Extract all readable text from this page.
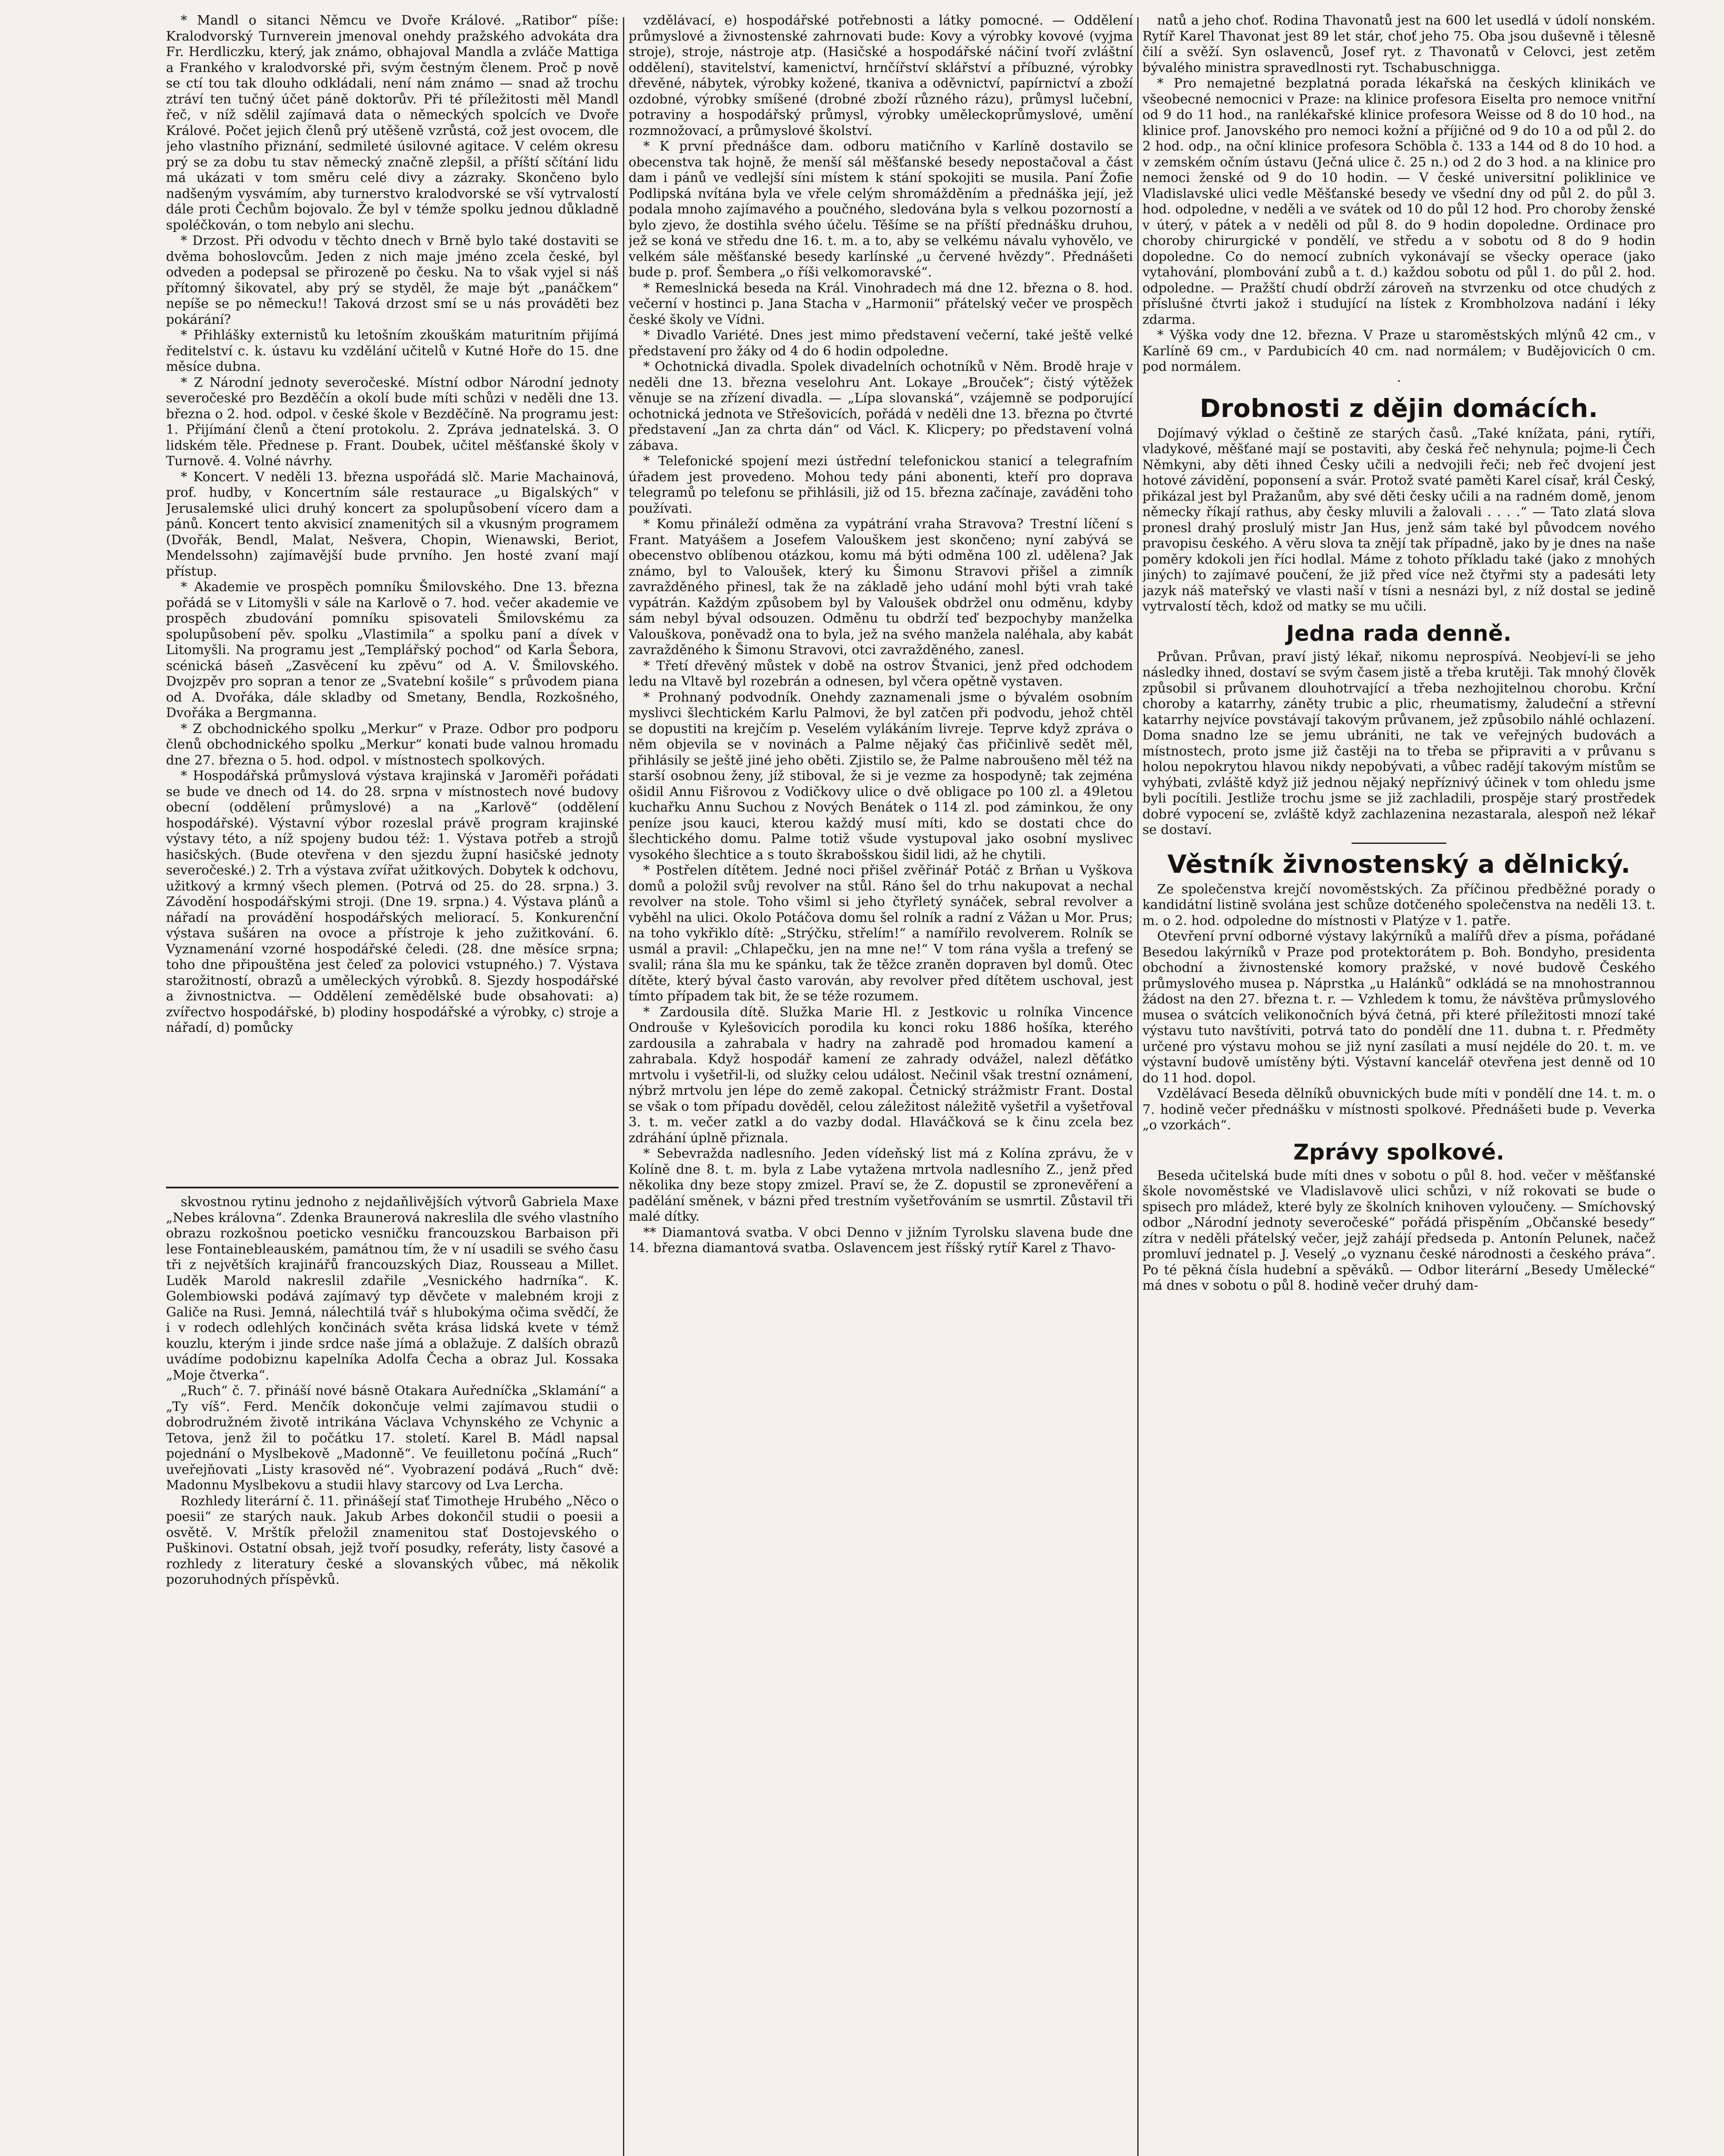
* Mandl o sitanci Němcu ve Dvoře Králové. „Ratibor“ píše: Kralodvorský Turnverein jmenoval onehdy pražského advokáta dra Fr. Herdliczku, který, jak známo, obhajoval Mandla a zvláče Mattiga a Frankého v kralodvorské při, svým čestným členem. Proč p nově se ctí tou tak dlouho odkládali, není nám známo — snad až trochu ztráví ten tučný účet páně doktorův. Při té příležitosti měl Mandl řeč, v níž sdělil zajímavá data o německých spolcích ve Dvoře Králové. Počet jejich členů prý utěšeně vzrůstá, což jest ovocem, dle jeho vlastního přiznání, sedmileté úsilovné agitace. V celém okresu prý se za dobu tu stav německý značně zlepšil, a příští sčítání lidu má ukázati v tom směru celé divy a zázraky. Skončeno bylo nadšeným vysvámím, aby turnerstvo kralodvorské se vší vytrvalostí dále proti Čechům bojovalo. Že byl v témže spolku jednou důkladně spoléčkován, o tom nebylo ani slechu.

* Drzost. Při odvodu v těchto dnech v Brně bylo také dostaviti se dvěma bohoslovcům. Jeden z nich maje jméno zcela české, byl odveden a podepsal se přirozeně po česku. Na to však vyjel si náš přítomný šikovatel, aby prý se styděl, že maje být „panáčkem“ nepíše se po německu!! Taková drzost smí se u nás prováděti bez pokárání?

* Přihlášky externistů ku letošním zkouškám maturitním přijímá ředitelství c. k. ústavu ku vzdělání učitelů v Kutné Hoře do 15. dne měsíce dubna.

* Z Národní jednoty severočeské. Místní odbor Národní jednoty severočeské pro Bezděčín a okolí bude míti schůzi v neděli dne 13. března o 2. hod. odpol. v české škole v Bezděčíně. Na programu jest: 1. Přijímání členů a čtení protokolu. 2. Zpráva jednatelská. 3. O lidském těle. Přednese p. Frant. Doubek, učitel měšťanské školy v Turnově. 4. Volné návrhy.

* Koncert. V neděli 13. března uspořádá slč. Marie Machainová, prof. hudby, v Koncertním sále restaurace „u Bigalských“ v Jerusalemské ulici druhý koncert za spolupůsobení vícero dam a pánů. Koncert tento akvisicí znamenitých sil a vkusným programem (Dvořák, Bendl, Malat, Nešvera, Chopin, Wienawski, Beriot, Mendelssohn) zajímavější bude prvního. Jen hosté zvaní mají přístup.

* Akademie ve prospěch pomníku Šmilovského. Dne 13. března pořádá se v Litomyšli v sále na Karlově o 7. hod. večer akademie ve prospěch zbudování pomníku spisovateli Šmilovskému za spolupůsobení pěv. spolku „Vlastimila“ a spolku paní a dívek v Litomyšli. Na programu jest „Templářský pochod“ od Karla Šebora, scénická báseň „Zasvěcení ku zpěvu“ od A. V. Šmilovského. Dvojzpěv pro sopran a tenor ze „Svatební košile“ s průvodem piana od A. Dvořáka, dále skladby od Smetany, Bendla, Rozkošného, Dvořáka a Bergmanna.

* Z obchodnického spolku „Merkur“ v Praze. Odbor pro podporu členů obchodnického spolku „Merkur“ konati bude valnou hromadu dne 27. března o 5. hod. odpol. v místnostech spolkových.

* Hospodářská průmyslová výstava krajinská v Jaroměři pořádati se bude ve dnech od 14. do 28. srpna v místnostech nové budovy obecní (oddělení průmyslové) a na „Karlově“ (oddělení hospodářské). Výstavní výbor rozeslal právě program krajinské výstavy této, a níž spojeny budou též: 1. Výstava potřeb a strojů hasičských. (Bude otevřena v den sjezdu župní hasičské jednoty severočeské.) 2. Trh a výstava zvířat užitkových. Dobytek k odchovu, užitkový a krmný všech plemen. (Potrvá od 25. do 28. srpna.) 3. Závodění hospodářskými stroji. (Dne 19. srpna.) 4. Výstava plánů a nářadí na provádění hospodářských meliorací. 5. Konkurenční výstava sušáren na ovoce a přístroje k jeho zužitkování. 6. Vyznamenání vzorné hospodářské čeledi. (28. dne měsíce srpna; toho dne připouštěna jest čeleď za polovici vstupného.) 7. Výstava starožitností, obrazů a uměleckých výrobků. 8. Sjezdy hospodářské a živnostnictva. — Oddělení zemědělské bude obsahovati: a) zvířectvo hospodářské, b) plodiny hospodářské a výrobky, c) stroje a nářadí, d) pomůcky

skvostnou rytinu jednoho z nejdaňlivějších výtvorů Gabriela Maxe „Nebes královna“. Zdenka Braunerová nakreslila dle svého vlastního obrazu rozkošnou poeticko vesničku francouzskou Barbaison při lese Fontainebleauském, památnou tím, že v ní usadili se svého času tři z největších krajinářů francouzských Diaz, Rousseau a Millet. Luděk Marold nakreslil zdařile „Vesnického hadrníka“. K. Golembiowski podává zajímavý typ děvčete v malebném kroji z Galiče na Rusi. Jemná, nálechtilá tvář s hlubokýma očima svědčí, že i v rodech odlehlých končinách světa krása lidská kvete v témž kouzlu, kterým i jinde srdce naše jímá a oblažuje. Z dalších obrazů uvádíme podobiznu kapelníka Adolfa Čecha a obraz Jul. Kossaka „Moje čtverka“.

„Ruch“ č. 7. přináší nové básně Otakara Auředníčka „Sklamání“ a „Ty víš“. Ferd. Menčík dokončuje velmi zajímavou studii o dobrodružném životě intrikána Václava Vchynského ze Vchynic a Tetova, jenž žil to počátku 17. století. Karel B. Mádl napsal pojednání o Myslbekově „Madonně“. Ve feuilletonu počíná „Ruch“ uveřejňovati „Listy krasověd né“. Vyobrazení podává „Ruch“ dvě: Madonnu Myslbekovu a studii hlavy starcovy od Lva Lercha.

Rozhledy literární č. 11. přinášejí stať Timotheje Hrubého „Něco o poesii“ ze starých nauk. Jakub Arbes dokončil studii o poesii a osvětě. V. Mrštík přeložil znamenitou stať Dostojevského o Puškinovi. Ostatní obsah, jejž tvoří posudky, referáty, listy časové a rozhledy z literatury české a slovanských vůbec, má několik pozoruhodných příspěvků.

vzdělávací, e) hospodářské potřebnosti a látky pomocné. — Oddělení průmyslové a živnostenské zahrnovati bude: Kovy a výrobky kovové (vyjma stroje), stroje, nástroje atp. (Hasičské a hospodářské náčiní tvoří zvláštní oddělení), stavitelství, kamenictví, hrnčířství sklářství a příbuzné, výrobky dřevěné, nábytek, výrobky kožené, tkaniva a oděvnictví, papírnictví a zboží ozdobné, výrobky smíšené (drobné zboží různého rázu), průmysl lučební, potraviny a hospodářský průmysl, výrobky uměleckoprůmyslové, umění rozmnožovací, a průmyslové školství.

* K první přednášce dam. odboru matičního v Karlíně dostavilo se obecenstva tak hojně, že menší sál měšťanské besedy nepostačoval a část dam i pánů ve vedlejší síni místem k stání spokojiti se musila. Paní Žofie Podlipská nvítána byla ve vřele celým shromážděním a přednáška její, jež podala mnoho zajímavého a poučného, sledována byla s velkou pozorností a bylo zjevo, že dostihla svého účelu. Těšíme se na příští přednášku druhou, jež se koná ve středu dne 16. t. m. a to, aby se velkému návalu vyhovělo, ve velkém sále měšťanské besedy karlínské „u červené hvězdy“. Přednášeti bude p. prof. Šembera „o říši velkomoravské“.

* Remeslnická beseda na Král. Vinohradech má dne 12. března o 8. hod. večerní v hostinci p. Jana Stacha v „Harmonii“ přátelský večer ve prospěch české školy ve Vídni.

* Divadlo Variété. Dnes jest mimo představení večerní, také ještě velké představení pro žáky od 4 do 6 hodin odpoledne.

* Ochotnická divadla. Spolek divadelních ochotníků v Něm. Brodě hraje v neděli dne 13. března veselohru Ant. Lokaye „Brouček“; čistý výtěžek věnuje se na zřízení divadla. — „Lípa slovanská“, vzájemně se podporující ochotnická jednota ve Střešovicích, pořádá v neděli dne 13. března po čtvrté představení „Jan za chrta dán“ od Václ. K. Klicpery; po představení volná zábava.

* Telefonické spojení mezi ústřední telefonickou stanicí a telegrafním úřadem jest provedeno. Mohou tedy páni abonenti, kteří pro doprava telegramů po telefonu se přihlásili, již od 15. března začínaje, zaváděni toho používati.

* Komu přináleží odměna za vypátrání vraha Stravova? Trestní líčení s Frant. Matyášem a Josefem Valouškem jest skončeno; nyní zabývá se obecenstvo oblíbenou otázkou, komu má býti odměna 100 zl. udělena? Jak známo, byl to Valoušek, který ku Šimonu Stravovi přišel a zimník zavražděného přinesl, tak že na základě jeho udání mohl býti vrah také vypátrán. Každým způsobem byl by Valoušek obdržel onu odměnu, kdyby sám nebyl býval odsouzen. Odměnu tu obdrží teď bezpochyby manželka Valouškova, poněvadž ona to byla, jež na svého manžela naléhala, aby kabát zavražděného k Šimonu Stravovi, otci zavražděného, zanesl.

* Třetí dřevěný můstek v době na ostrov Štvanici, jenž před odchodem ledu na Vltavě byl rozebrán a odnesen, byl včera opětně vystaven.

* Prohnaný podvodník. Onehdy zaznamenali jsme o bývalém osobním myslivci šlechtickém Karlu Palmovi, že byl zatčen při podvodu, jehož chtěl se dopustiti na krejčím p. Veselém vylákáním livreje. Teprve když zpráva o něm objevila se v novinách a Palme nějaký čas přičinlivě sedět měl, přihlásily se ještě jiné jeho oběti. Zjistilo se, že Palme nabroušeno měl též na starší osobnou ženy, jíž stiboval, že si je vezme za hospodyně; tak zejména ošidil Annu Fišrovou z Vodičkovy ulice o dvě obligace po 100 zl. a 49letou kuchařku Annu Suchou z Nových Benátek o 114 zl. pod záminkou, že ony peníze jsou kauci, kterou každý musí míti, kdo se dostati chce do šlechtického domu. Palme totiž všude vystupoval jako osobní myslivec vysokého šlechtice a s touto škrabošskou šidil lidi, až he chytili.

* Postřelen dítětem. Jedné noci přišel zvěřinář Potáč z Brňan u Vyškova domů a položil svůj revolver na stůl. Ráno šel do trhu nakupovat a nechal revolver na stole. Toho všiml si jeho čtyřletý synáček, sebral revolver a vyběhl na ulici. Okolo Potáčova domu šel rolník a radní z Vážan u Mor. Prus; na toho vykřiklo dítě: „Strýčku, střelím!“ a namířilo revolverem. Rolník se usmál a pravil: „Chlapečku, jen na mne ne!“ V tom rána vyšla a trefený se svalil; rána šla mu ke spánku, tak že těžce zraněn dopraven byl domů. Otec dítěte, který býval často varován, aby revolver před dítětem uschoval, jest tímto případem tak bit, že se téže rozumem.

* Zardousila dítě. Služka Marie Hl. z Jestkovic u rolníka Vincence Ondrouše v Kylešovicích porodila ku konci roku 1886 hošíka, kterého zardousila a zahrabala v hadry na zahradě pod hromadou kamení a zahrabala. Když hospodář kamení ze zahrady odvážel, nalezl děťátko mrtvolu i vyšetřil-li, od služky celou událost. Nečinil však trestní oznámení, nýbrž mrtvolu jen lépe do země zakopal. Četnický strážmistr Frant. Dostal se však o tom případu dověděl, celou záležitost náležitě vyšetřil a vyšetřoval 3. t. m. večer zatkl a do vazby dodal. Hlaváčková se k činu zcela bez zdráhání úplně přiznala.

* Sebevražda nadlesního. Jeden vídeňský list má z Kolína zprávu, že v Kolíně dne 8. t. m. byla z Labe vytažena mrtvola nadlesního Z., jenž před několika dny beze stopy zmizel. Praví se, že Z. dopustil se zpronevěření a padělání směnek, v bázni před trestním vyšetřováním se usmrtil. Zůstavil tři malé dítky.

** Diamantová svatba. V obci Denno v jižním Tyrolsku slavena bude dne 14. března diamantová svatba. Oslavencem jest říšský rytíř Karel z Thavo-

natů a jeho choť. Rodina Thavonatů jest na 600 let usedlá v údolí nonském. Rytíř Karel Thavonat jest 89 let stár, choť jeho 75. Oba jsou duševně i tělesně čilí a svěží. Syn oslavenců, Josef ryt. z Thavonatů v Celovci, jest zetěm bývalého ministra spravedlnosti ryt. Tschabuschnigga.

* Pro nemajetné bezplatná porada lékařská na českých klinikách ve všeobecné nemocnici v Praze: na klinice profesora Eiselta pro nemoce vnitřní od 9 do 11 hod., na ranlékařské klinice profesora Weisse od 8 do 10 hod., na klinice prof. Janovského pro nemoci kožní a příjičné od 9 do 10 a od půl 2. do 2 hod. odp., na oční klinice profesora Schöbla č. 133 a 144 od 8 do 10 hod. a v zemském očním ústavu (Ječná ulice č. 25 n.) od 2 do 3 hod. a na klinice pro nemoci ženské od 9 do 10 hodin. — V české universitní poliklinice ve Vladislavské ulici vedle Měšťanské besedy ve všední dny od půl 2. do půl 3. hod. odpoledne, v neděli a ve svátek od 10 do půl 12 hod. Pro choroby ženské v úterý, v pátek a v neděli od půl 8. do 9 hodin dopoledne. Ordinace pro choroby chirurgické v pondělí, ve středu a v sobotu od 8 do 9 hodin dopoledne. Co do nemocí zubních vykonávají se všecky operace (jako vytahování, plombování zubů a t. d.) každou sobotu od půl 1. do půl 2. hod. odpoledne. — Pražští chudí obdrží zároveň na stvrzenku od otce chudých z příslušné čtvrti jakož i studující na lístek z Krombholzova nadání i léky zdarma.

* Výška vody dne 12. března. V Praze u staroměstských mlýnů 42 cm., v Karlíně 69 cm., v Pardubicích 40 cm. nad normálem; v Budějovicích 0 cm. pod normálem.

·
Drobnosti z dějin domácích.

Dojímavý výklad o češtině ze starých časů. „Také knížata, páni, rytíři, vladykové, měšťané mají se postaviti, aby česká řeč nehynula; pojme-li Čech Němkyni, aby děti ihned Česky učili a nedvojili řeči; neb řeč dvojení jest hotové závidění, poponsení a svár. Protož svaté paměti Karel císař, král Český, přikázal jest byl Pražanům, aby své děti česky učili a na radném domě, jenom německy říkají rathus, aby česky mluvili a žalovali . . . .“ — Tato zlatá slova pronesl drahý proslulý mistr Jan Hus, jenž sám také byl původcem nového pravopisu českého. A věru slova ta znějí tak případně, jako by je dnes na naše poměry kdokoli jen říci hodlal. Máme z tohoto příkladu také (jako z mnohých jiných) to zajímavé poučení, že již před více než čtyřmi sty a padesáti lety jazyk náš mateřský ve vlasti naší v tísni a nesnázi byl, z níž dostal se jedině vytrvalostí těch, kdož od matky se mu učili.

Jedna rada denně.

Průvan. Průvan, praví jistý lékař, nikomu neprospívá. Neobjeví-li se jeho následky ihned, dostaví se svým časem jistě a třeba krutěji. Tak mnohý člověk způsobil si průvanem dlouhotrvající a třeba nezhojitelnou chorobu. Krční choroby a katarrhy, záněty trubic a plic, rheumatismy, žaludeční a střevní katarrhy nejvíce povstávají takovým průvanem, jež způsobilo náhlé ochlazení. Doma snadno lze se jemu ubrániti, ne tak ve veřejných budovách a místnostech, proto jsme již častěji na to třeba se připraviti a v průvanu s holou nepokrytou hlavou nikdy nepobývati, a vůbec radějí takovým místům se vyhýbati, zvláště když již jednou nějaký nepříznivý účinek v tom ohledu jsme byli pocítili. Jestliže trochu jsme se již zachladili, prospěje starý prostředek dobré vypocení se, zvláště když zachlazenina nezastarala, alespoň než lékař se dostaví.

Věstník živnostenský a dělnický.

Ze společenstva krejčí novoměstských. Za příčinou předběžné porady o kandidátní listině svolána jest schůze dotčeného společenstva na neděli 13. t. m. o 2. hod. odpoledne do místnosti v Platýze v 1. patře.

Otevření první odborné výstavy lakýrníků a malířů dřev a písma, pořádané Besedou lakýrníků v Praze pod protektorátem p. Boh. Bondyho, presidenta obchodní a živnostenské komory pražské, v nové budově Českého průmyslového musea p. Náprstka „u Halánků“ odkládá se na mnohostrannou žádost na den 27. března t. r. — Vzhledem k tomu, že návštěva průmyslového musea o svátcích velikonočních bývá četná, při které příležitosti mnozí také výstavu tuto navštíviti, potrvá tato do pondělí dne 11. dubna t. r. Předměty určené pro výstavu mohou se již nyní zasílati a musí nejdéle do 20. t. m. ve výstavní budově umístěny býti. Výstavní kancelář otevřena jest denně od 10 do 11 hod. dopol.

Vzdělávací Beseda dělníků obuvnických bude míti v pondělí dne 14. t. m. o 7. hodině večer přednášku v místnosti spolkové. Přednášeti bude p. Veverka „o vzorkách“.

Zprávy spolkové.

Beseda učitelská bude míti dnes v sobotu o půl 8. hod. večer v měšťanské škole novoměstské ve Vladislavově ulici schůzi, v níž rokovati se bude o spisech pro mládež, které byly ze školních knihoven vyloučeny. — Smíchovský odbor „Národní jednoty severočeské“ pořádá přispěním „Občanské besedy“ zítra v neděli přátelský večer, jejž zahájí předseda p. Antonín Pelunek, načež promluví jednatel p. J. Veselý „o vyznanu české národnosti a českého práva“. Po té pěkná čísla hudební a spěváků. — Odbor literární „Besedy Umělecké“ má dnes v sobotu o půl 8. hodině večer druhý dam-
